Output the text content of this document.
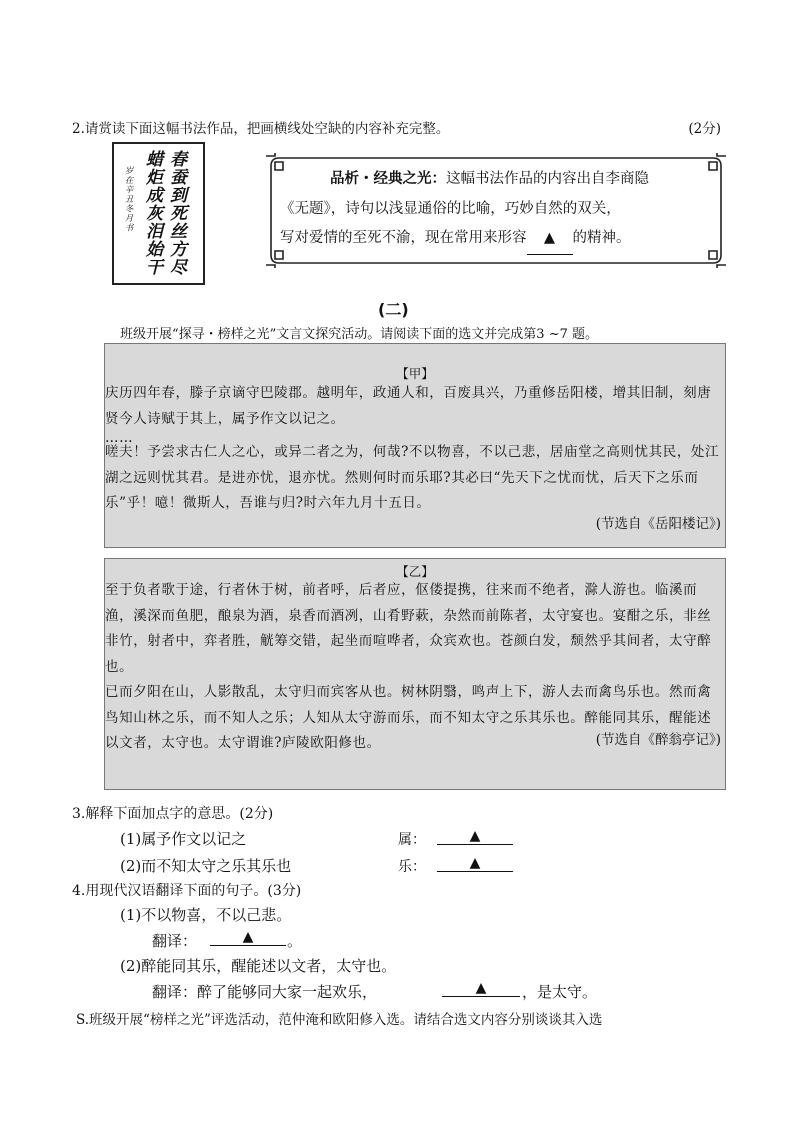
2.请赏读下面这幅书法作品，把画横线处空缺的内容补充完整。	(2分)
春蚕到死丝方尽
蜡炬成灰泪始干
岁在辛丑冬月书	品析・经典之光：这幅书法作品的内容出自李商隐
《无题》，诗句以浅显通俗的比喻，巧妙自然的双关，
写对爱情的至死不渝，现在常用来形容 ▲ 的精神。
(二)
班级开展“探寻・榜样之光”文言文探究活动。请阅读下面的选文并完成第3 ~7 题。
【甲】
庆历四年春，滕子京谪守巴陵郡。越明年，政通人和，百废具兴，乃重修岳阳楼，增其旧制，刻唐贤今人诗赋于其上，属予作文以记之。
……
嗟夫！予尝求古仁人之心，或异二者之为，何哉?不以物喜，不以己悲，居庙堂之高则忧其民，处江湖之远则忧其君。是进亦忧，退亦忧。然则何时而乐耶?其必曰“先天下之忧而忧，后天下之乐而乐”乎！噫！微斯人，吾谁与归?时六年九月十五日。
(节选自《岳阳楼记》)
【乙】
至于负者歌于途，行者休于树，前者呼，后者应，伛偻提携，往来而不绝者，滁人游也。临溪而渔，溪深而鱼肥，酿泉为酒，泉香而酒冽，山肴野蔌，杂然而前陈者，太守宴也。宴酣之乐，非丝非竹，射者中，弈者胜，觥筹交错，起坐而喧哗者，众宾欢也。苍颜白发，颓然乎其间者，太守醉也。
已而夕阳在山，人影散乱，太守归而宾客从也。树林阴翳，鸣声上下，游人去而禽鸟乐也。然而禽鸟知山林之乐，而不知人之乐；人知从太守游而乐，而不知太守之乐其乐也。醉能同其乐，醒能述以文者，太守也。太守谓谁?庐陵欧阳修也。	(节选自《醉翁亭记》)
3.解释下面加点字的意思。(2分)
(1)属予作文以记之	属：	▲
(2)而不知太守之乐其乐也	乐：	▲
4.用现代汉语翻译下面的句子。(3分)
(1)不以物喜，不以己悲。
翻译：	▲	。
(2)醉能同其乐，醒能述以文者，太守也。
翻译：醉了能够同大家一起欢乐，	▲	，是太守。
S.班级开展“榜样之光”评选活动，范仲淹和欧阳修入选。请结合选文内容分别谈谈其入选
